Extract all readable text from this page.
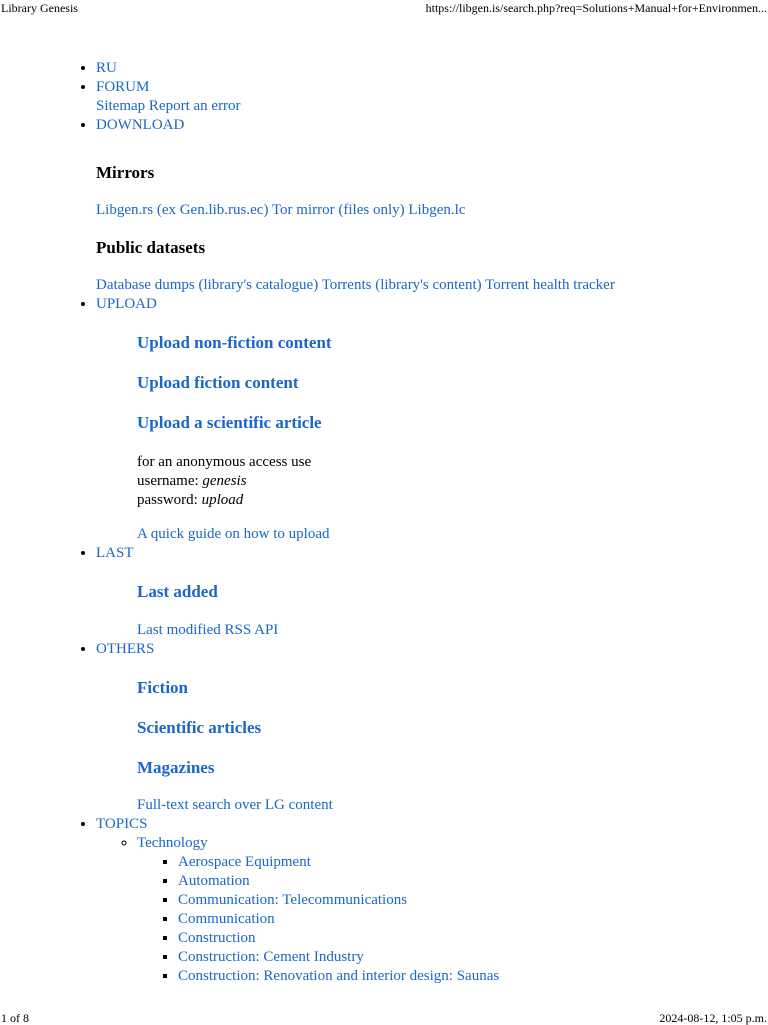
Library Genesis	https://libgen.is/search.php?req=Solutions+Manual+for+Environmen...
• RU
• FORUM
Sitemap Report an error
• DOWNLOAD
Mirrors
Libgen.rs (ex Gen.lib.rus.ec) Tor mirror (files only) Libgen.lc
Public datasets
Database dumps (library's catalogue) Torrents (library's content) Torrent health tracker
• UPLOAD
Upload non-fiction content
Upload fiction content
Upload a scientific article
for an anonymous access use
username: genesis
password: upload
A quick guide on how to upload
• LAST
Last added
Last modified RSS API
• OTHERS
Fiction
Scientific articles
Magazines
Full-text search over LG content
• TOPICS
◦ Technology
▪ Aerospace Equipment
▪ Automation
▪ Communication: Telecommunications
▪ Communication
▪ Construction
▪ Construction: Cement Industry
▪ Construction: Renovation and interior design: Saunas
1 of 8	2024-08-12, 1:05 p.m.
